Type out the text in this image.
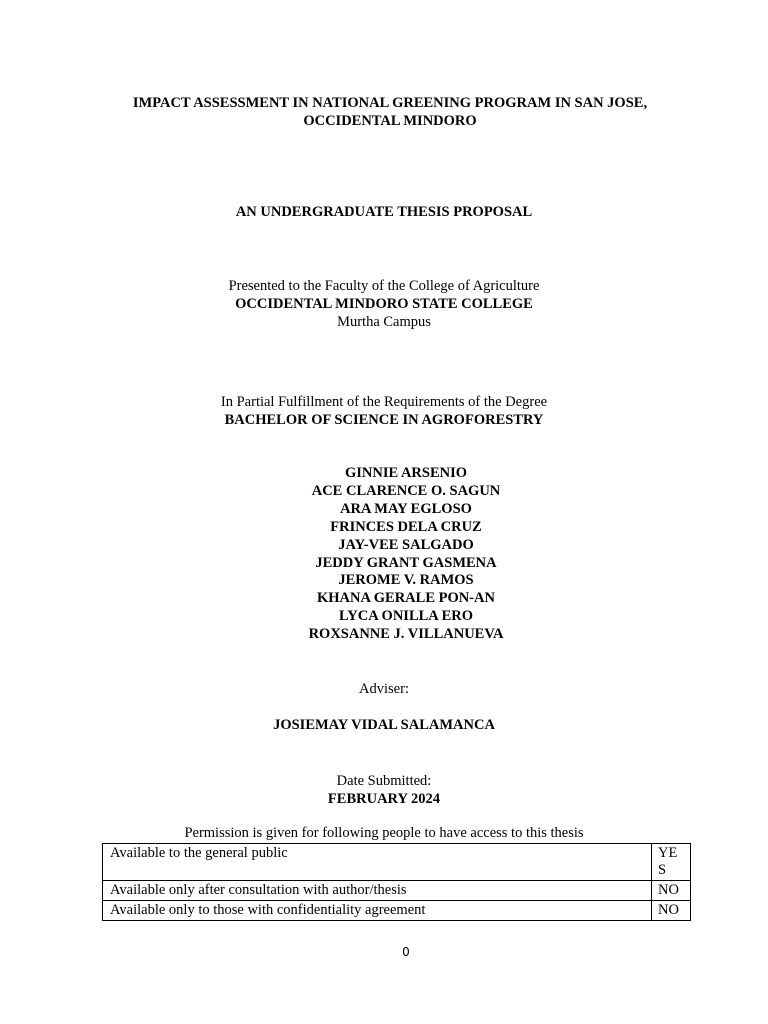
IMPACT ASSESSMENT IN NATIONAL GREENING PROGRAM IN SAN JOSE, OCCIDENTAL MINDORO
AN UNDERGRADUATE THESIS PROPOSAL
Presented to the Faculty of the College of Agriculture
OCCIDENTAL MINDORO STATE COLLEGE
Murtha Campus
In Partial Fulfillment of the Requirements of the Degree
BACHELOR OF SCIENCE IN AGROFORESTRY
GINNIE ARSENIO
ACE CLARENCE O. SAGUN
ARA MAY EGLOSO
FRINCES DELA CRUZ
JAY-VEE SALGADO
JEDDY GRANT GASMENA
JEROME V. RAMOS
KHANA GERALE PON-AN
LYCA ONILLA ERO
ROXSANNE J. VILLANUEVA
Adviser:
JOSIEMAY VIDAL SALAMANCA
Date Submitted:
FEBRUARY 2024
Permission is given for following people to have access to this thesis
Available to the general public	YES
Available only after consultation with author/thesis	NO
Available only to those with confidentiality agreement	NO
0
